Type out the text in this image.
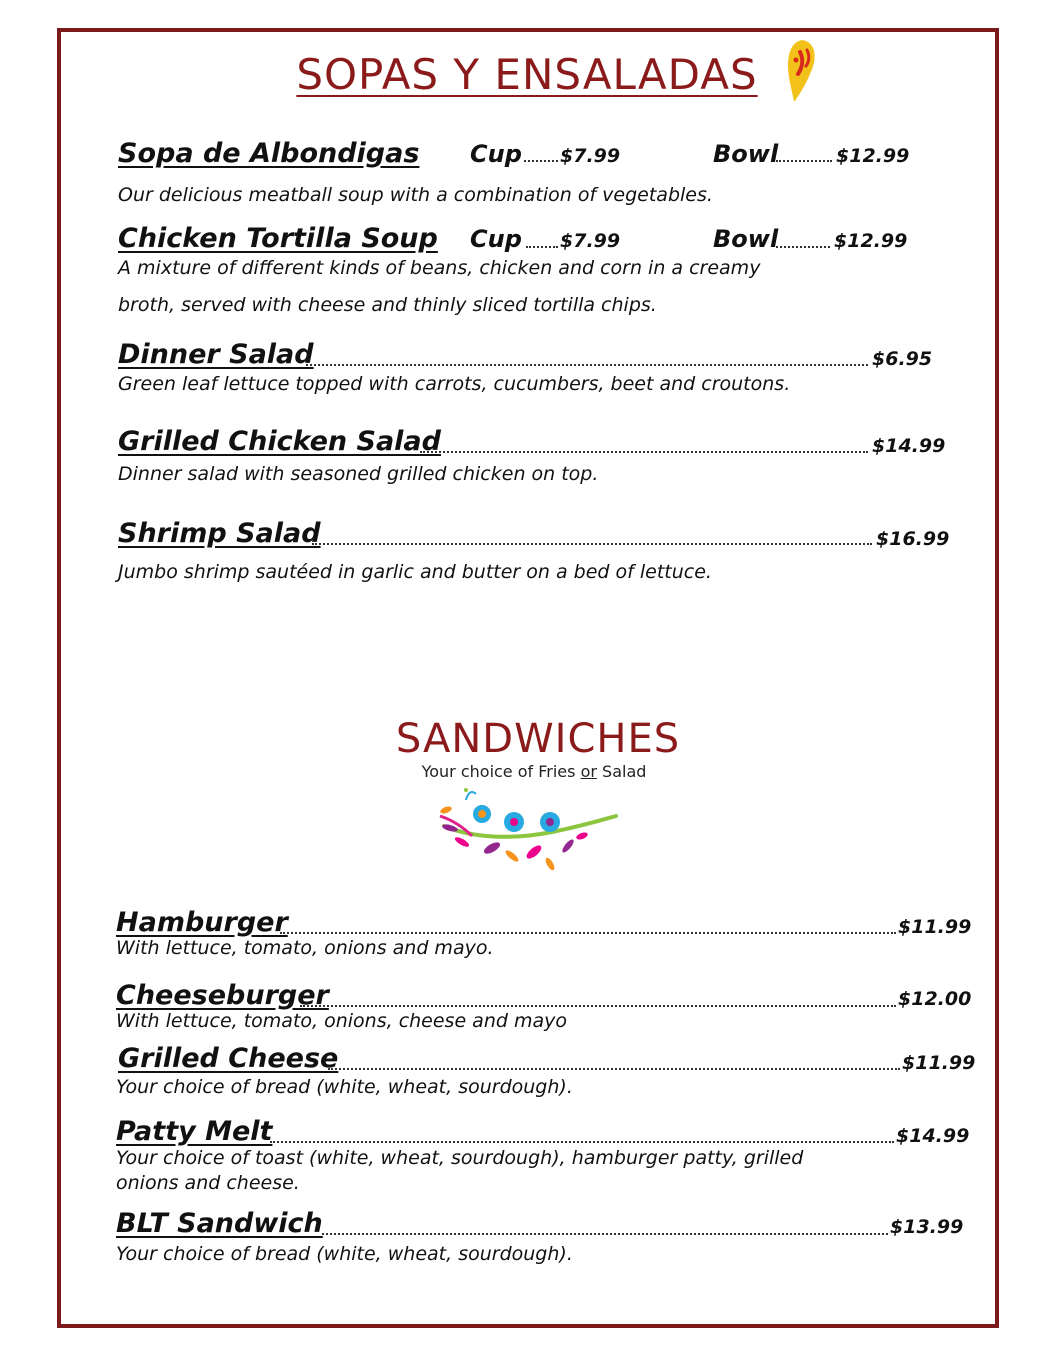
SOPAS Y ENSALADAS
Sopa de Albondigas Cup $7.99	Bowl	$12.99
Our delicious meatball soup with a combination of vegetables.
Chicken Tortilla Soup Cup $7.99	Bowl	$12.99
A mixture of different kinds of beans, chicken and corn in a creamy
broth, served with cheese and thinly sliced tortilla chips.
Dinner Salad	$6.95
Green leaf lettuce topped with carrots, cucumbers, beet and croutons.
Grilled Chicken Salad	$14.99
Dinner salad with seasoned grilled chicken on top.
Shrimp Salad	$16.99
Jumbo shrimp sautéed in garlic and butter on a bed of lettuce.
SANDWICHES
Your choice of Fries or Salad
Hamburger	$11.99
With lettuce, tomato, onions and mayo.
Cheeseburger	$12.00
With lettuce, tomato, onions, cheese and mayo
Grilled Cheese	$11.99
Your choice of bread (white, wheat, sourdough).
Patty Melt	$14.99
Your choice of toast (white, wheat, sourdough), hamburger patty, grilled
onions and cheese.
BLT Sandwich	$13.99
Your choice of bread (white, wheat, sourdough).
